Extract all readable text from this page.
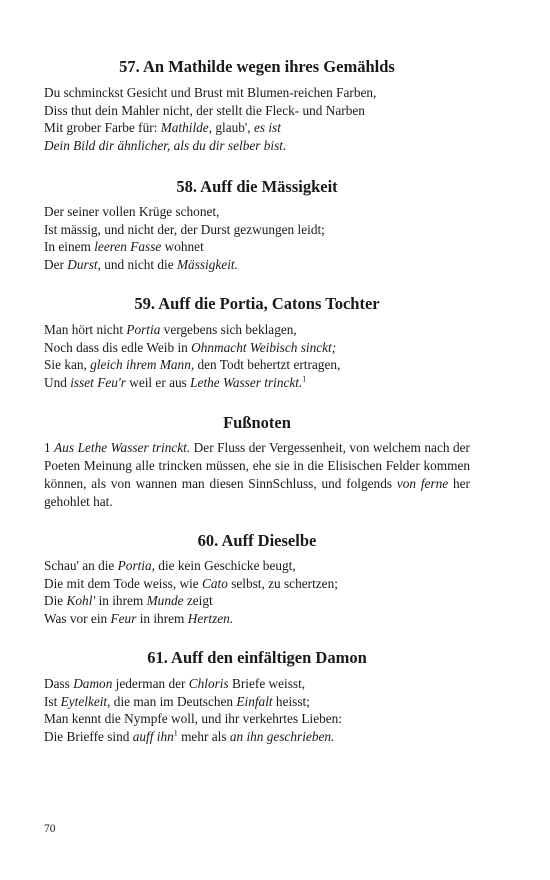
57. An Mathilde wegen ihres Gemählds
Du schminckst Gesicht und Brust mit Blumen-reichen Farben,
Diss thut dein Mahler nicht, der stellt die Fleck- und Narben
Mit grober Farbe für: Mathilde, glaub', es ist
Dein Bild dir ähnlicher, als du dir selber bist.
58. Auff die Mässigkeit
Der seiner vollen Krüge schonet,
Ist mässig, und nicht der, der Durst gezwungen leidt;
In einem leeren Fasse wohnet
Der Durst, und nicht die Mässigkeit.
59. Auff die Portia, Catons Tochter
Man hört nicht Portia vergebens sich beklagen,
Noch dass dis edle Weib in Ohnmacht Weibisch sinckt;
Sie kan, gleich ihrem Mann, den Todt behertzt ertragen,
Und isset Feu'r weil er aus Lethe Wasser trinckt.$^1$
Fußnoten
1 Aus Lethe Wasser trinckt. Der Fluss der Vergessenheit, von welchem nach der Poeten Meinung alle trincken müssen, ehe sie in die Elisischen Felder kommen können, als von wannen man diesen SinnSchluss, und folgends von ferne her gehohlet hat.
60. Auff Dieselbe
Schau' an die Portia, die kein Geschicke beugt,
Die mit dem Tode weiss, wie Cato selbst, zu schertzen;
Die Kohl' in ihrem Munde zeigt
Was vor ein Feur in ihrem Hertzen.
61. Auff den einfältigen Damon
Dass Damon jederman der Chloris Briefe weisst,
Ist Eytelkeit, die man im Deutschen Einfalt heisst;
Man kennt die Nympfe woll, und ihr verkehrtes Lieben:
Die Brieffe sind auff ihn$^1$ mehr als an ihn geschrieben.
70
